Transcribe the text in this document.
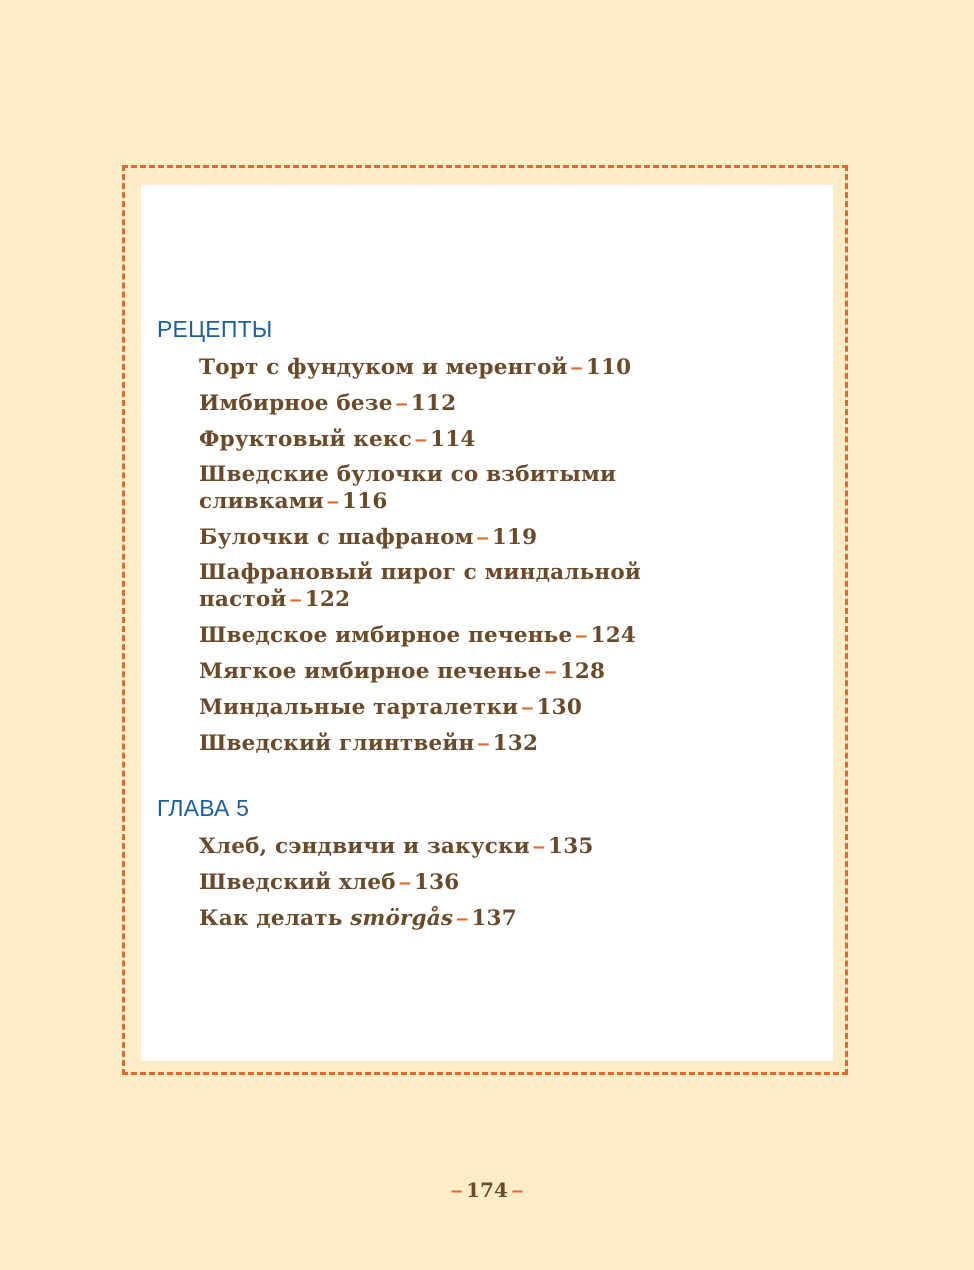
РЕЦЕПТЫ
Торт с фундуком и меренгой – 110
Имбирное безе – 112
Фруктовый кекс – 114
Шведские булочки со взбитыми
сливками – 116
Булочки с шафраном – 119
Шафрановый пирог с миндальной
пастой – 122
Шведское имбирное печенье – 124
Мягкое имбирное печенье – 128
Миндальные тарталетки – 130
Шведский глинтвейн – 132
ГЛАВА 5
Хлеб, сэндвичи и закуски – 135
Шведский хлеб – 136
Как делать smörgås – 137
– 174 –
